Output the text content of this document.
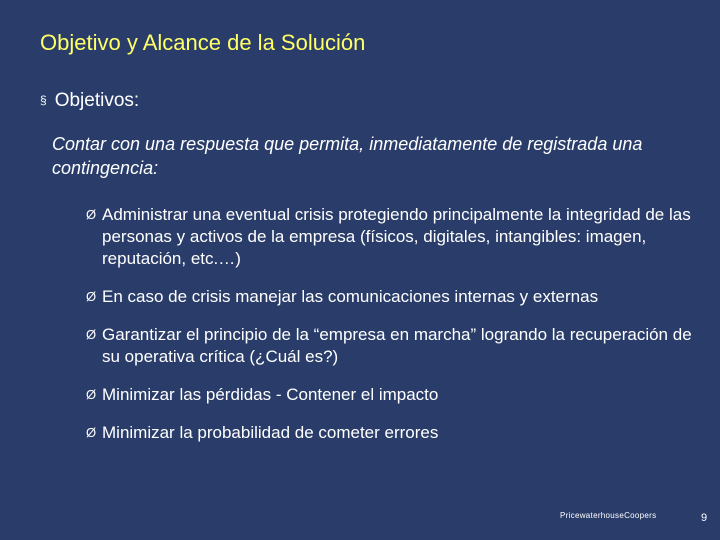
Objetivo y Alcance de la Solución
§ Objetivos:
Contar con una respuesta que permita, inmediatamente de registrada una contingencia:
Ø Administrar una eventual crisis protegiendo principalmente la integridad de las personas y activos de la empresa (físicos, digitales, intangibles: imagen, reputación, etc.…)
Ø En caso de crisis manejar las comunicaciones internas y externas
Ø Garantizar el principio de la “empresa en marcha” logrando la recuperación de su operativa crítica (¿Cuál es?)
Ø Minimizar las pérdidas - Contener el impacto
Ø Minimizar la probabilidad de cometer errores
PricewaterhouseCoopers	9
